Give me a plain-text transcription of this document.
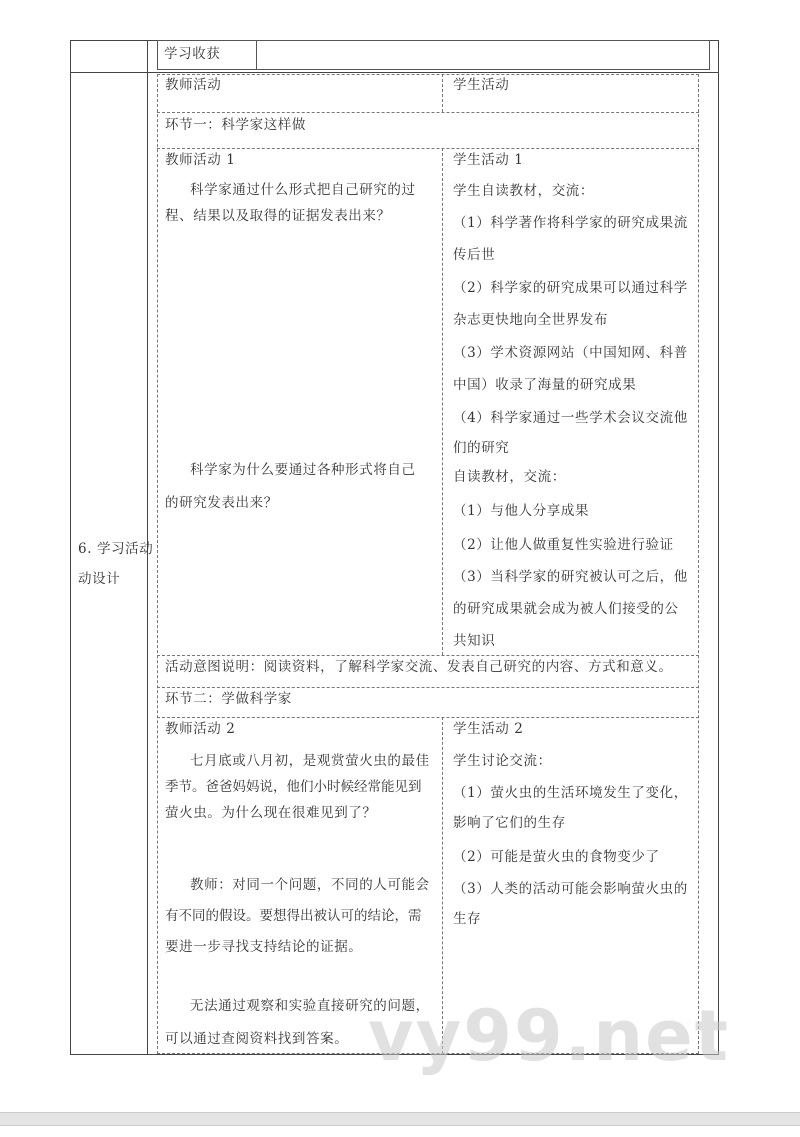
学习收获
6. 学习活动
动设计
教师活动	学生活动
环节一：科学家这样做
教师活动 1
科学家通过什么形式把自己研究的过
程、结果以及取得的证据发表出来？
科学家为什么要通过各种形式将自己
的研究发表出来？
学生活动 1
学生自读教材，交流：
（1）科学著作将科学家的研究成果流
传后世
（2）科学家的研究成果可以通过科学
杂志更快地向全世界发布
（3）学术资源网站（中国知网、科普
中国）收录了海量的研究成果
（4）科学家通过一些学术会议交流他
们的研究
自读教材，交流：
（1）与他人分享成果
（2）让他人做重复性实验进行验证
（3）当科学家的研究被认可之后，他
的研究成果就会成为被人们接受的公
共知识
活动意图说明：阅读资料，了解科学家交流、发表自己研究的内容、方式和意义。
环节二：学做科学家
教师活动 2
七月底或八月初，是观赏萤火虫的最佳
季节。爸爸妈妈说，他们小时候经常能见到
萤火虫。为什么现在很难见到了？
教师：对同一个问题，不同的人可能会
有不同的假设。要想得出被认可的结论，需
要进一步寻找支持结论的证据。
无法通过观察和实验直接研究的问题，
可以通过查阅资料找到答案。
学生活动 2
学生讨论交流：
（1）萤火虫的生活环境发生了变化，
影响了它们的生存
（2）可能是萤火虫的食物变少了
（3）人类的活动可能会影响萤火虫的
生存
vy99.net
